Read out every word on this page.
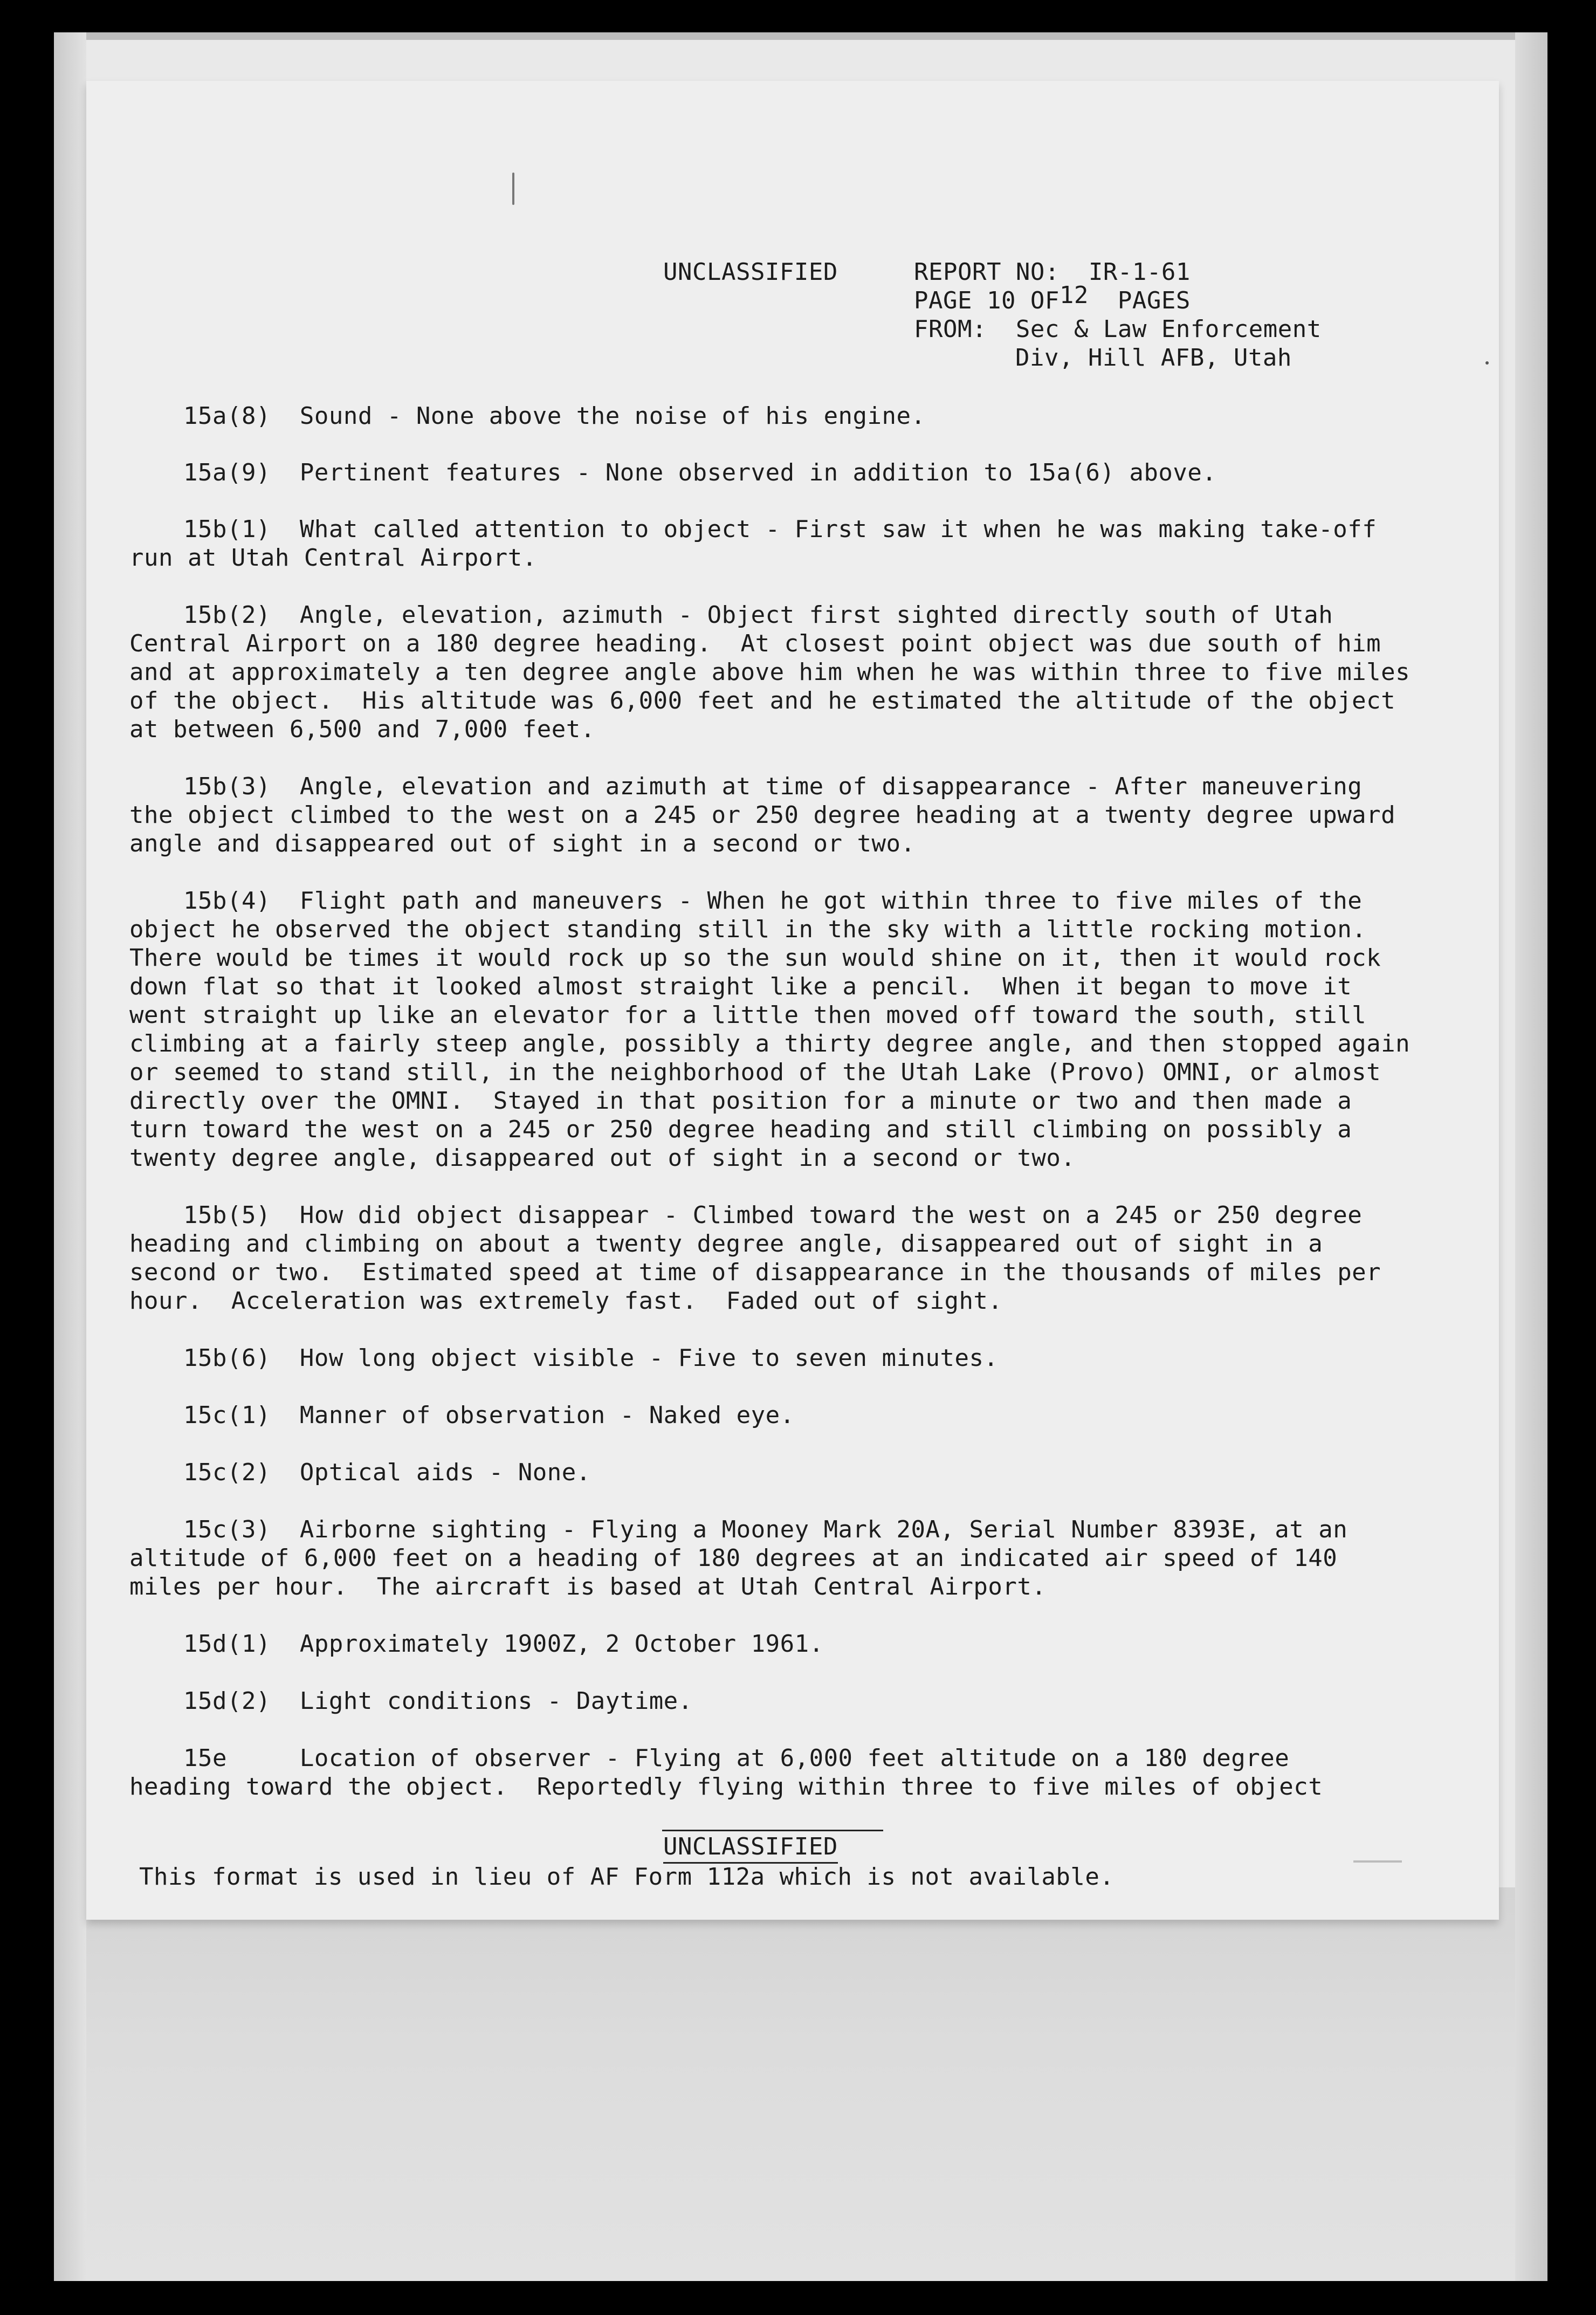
UNCLASSIFIED	REPORT NO:  IR-1-61
PAGE 10 OF12 PAGES
FROM:  Sec & Law Enforcement
Div, Hill AFB, Utah
15a(8)  Sound - None above the noise of his engine.
15a(9)  Pertinent features - None observed in addition to 15a(6) above.
15b(1)  What called attention to object - First saw it when he was making take-off
run at Utah Central Airport.
15b(2)  Angle, elevation, azimuth - Object first sighted directly south of Utah
Central Airport on a 180 degree heading.  At closest point object was due south of him
and at approximately a ten degree angle above him when he was within three to five miles
of the object.  His altitude was 6,000 feet and he estimated the altitude of the object
at between 6,500 and 7,000 feet.
15b(3)  Angle, elevation and azimuth at time of disappearance - After maneuvering
the object climbed to the west on a 245 or 250 degree heading at a twenty degree upward
angle and disappeared out of sight in a second or two.
15b(4)  Flight path and maneuvers - When he got within three to five miles of the
object he observed the object standing still in the sky with a little rocking motion.
There would be times it would rock up so the sun would shine on it, then it would rock
down flat so that it looked almost straight like a pencil.  When it began to move it
went straight up like an elevator for a little then moved off toward the south, still
climbing at a fairly steep angle, possibly a thirty degree angle, and then stopped again
or seemed to stand still, in the neighborhood of the Utah Lake (Provo) OMNI, or almost
directly over the OMNI.  Stayed in that position for a minute or two and then made a
turn toward the west on a 245 or 250 degree heading and still climbing on possibly a
twenty degree angle, disappeared out of sight in a second or two.
15b(5)  How did object disappear - Climbed toward the west on a 245 or 250 degree
heading and climbing on about a twenty degree angle, disappeared out of sight in a
second or two.  Estimated speed at time of disappearance in the thousands of miles per
hour.  Acceleration was extremely fast.  Faded out of sight.
15b(6)  How long object visible - Five to seven minutes.
15c(1)  Manner of observation - Naked eye.
15c(2)  Optical aids - None.
15c(3)  Airborne sighting - Flying a Mooney Mark 20A, Serial Number 8393E, at an
altitude of 6,000 feet on a heading of 180 degrees at an indicated air speed of 140
miles per hour.  The aircraft is based at Utah Central Airport.
15d(1)  Approximately 1900Z, 2 October 1961.
15d(2)  Light conditions - Daytime.
15e     Location of observer - Flying at 6,000 feet altitude on a 180 degree
heading toward the object.  Reportedly flying within three to five miles of object
UNCLASSIFIED
This format is used in lieu of AF Form 112a which is not available.
